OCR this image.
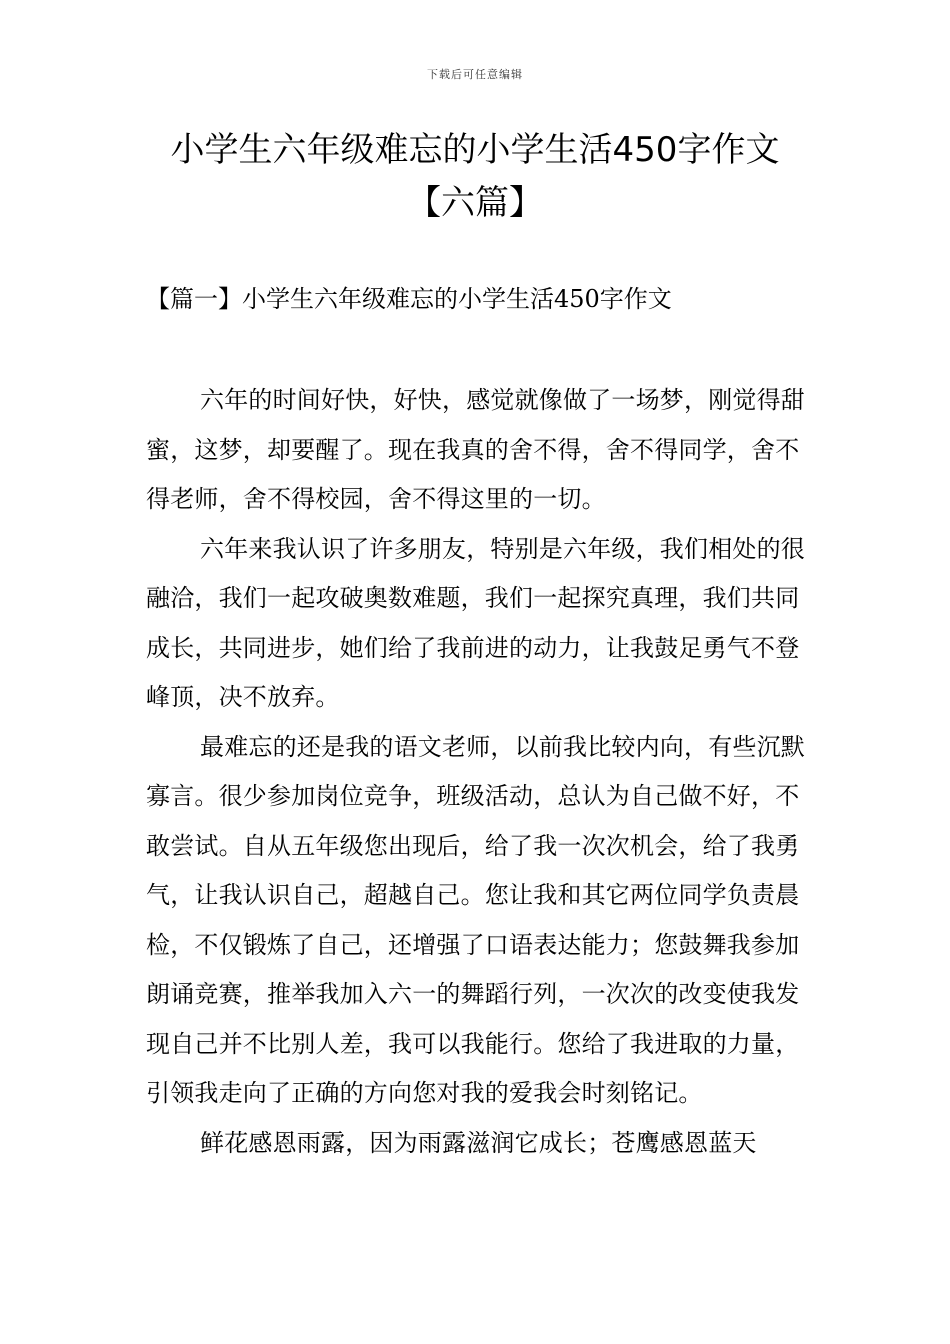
下载后可任意编辑
小学生六年级难忘的小学生活450字作文
【六篇】
【篇一】小学生六年级难忘的小学生活450字作文

六年的时间好快，好快，感觉就像做了一场梦，刚觉得甜蜜，这梦，却要醒了。现在我真的舍不得，舍不得同学，舍不得老师，舍不得校园，舍不得这里的一切。

六年来我认识了许多朋友，特别是六年级，我们相处的很融洽，我们一起攻破奥数难题，我们一起探究真理，我们共同成长，共同进步，她们给了我前进的动力，让我鼓足勇气不登峰顶，决不放弃。

最难忘的还是我的语文老师，以前我比较内向，有些沉默寡言。很少参加岗位竞争，班级活动，总认为自己做不好，不敢尝试。自从五年级您出现后，给了我一次次机会，给了我勇气，让我认识自己，超越自己。您让我和其它两位同学负责晨检，不仅锻炼了自己，还增强了口语表达能力；您鼓舞我参加朗诵竞赛，推举我加入六一的舞蹈行列，一次次的改变使我发现自己并不比别人差，我可以我能行。您给了我进取的力量，引领我走向了正确的方向您对我的爱我会时刻铭记。

鲜花感恩雨露，因为雨露滋润它成长；苍鹰感恩蓝天
